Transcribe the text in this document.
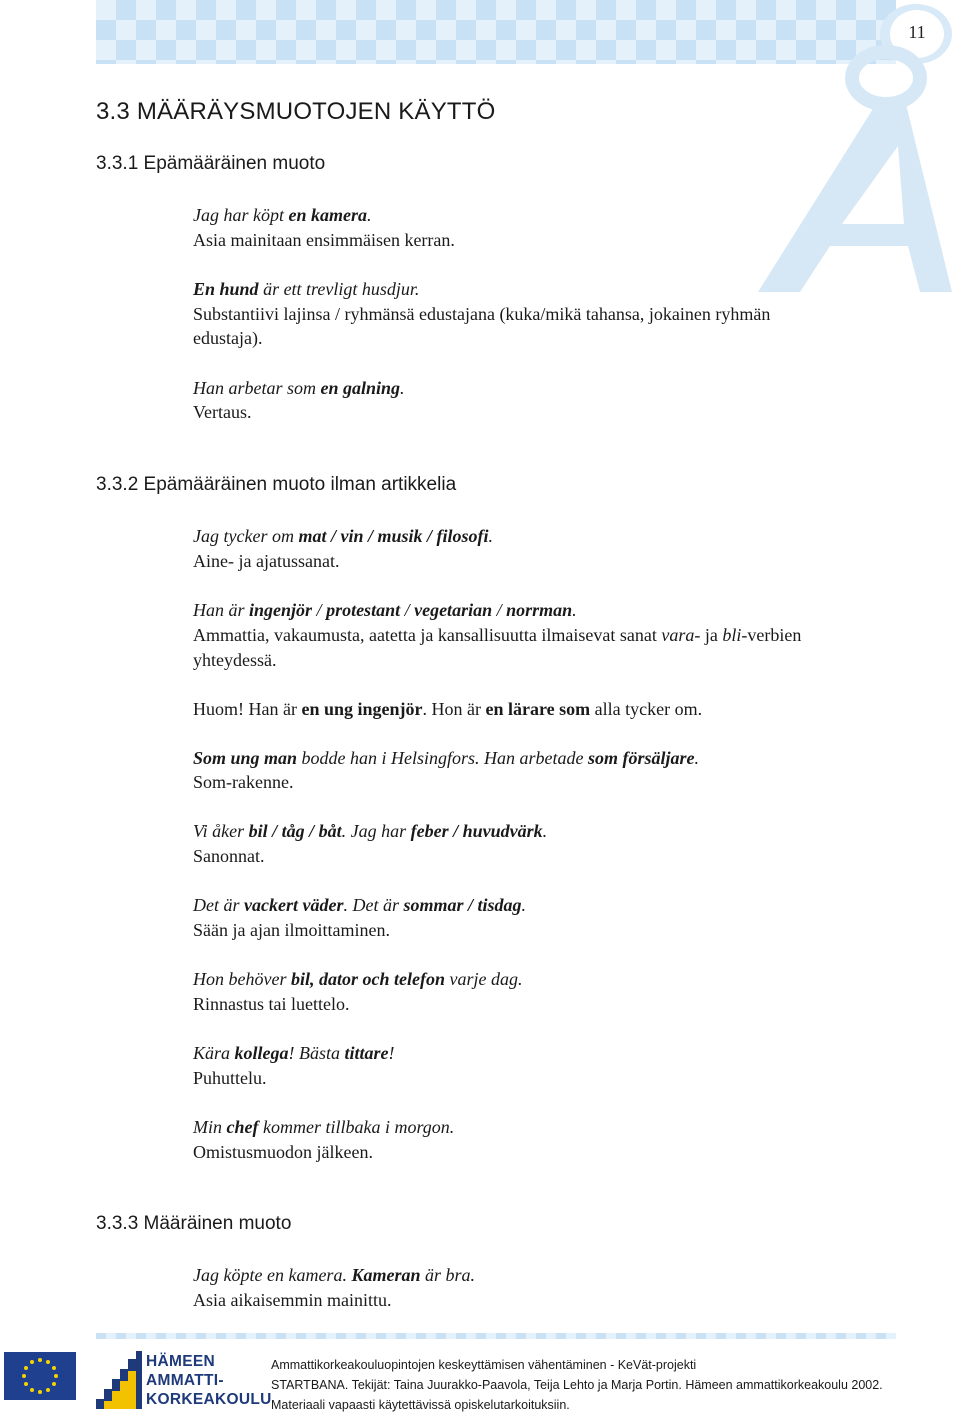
11
3.3 MÄÄRÄYSMUOTOJEN KÄYTTÖ
3.3.1 Epämääräinen muoto
Jag har köpt en kamera.
Asia mainitaan ensimmäisen kerran.
En hund är ett trevligt husdjur.
Substantiivi lajinsa / ryhmänsä edustajana (kuka/mikä tahansa, jokainen ryhmän
edustaja).
Han arbetar som en galning.
Vertaus.
3.3.2 Epämääräinen muoto ilman artikkelia
Jag tycker om mat / vin / musik / filosofi.
Aine- ja ajatussanat.
Han är ingenjör / protestant / vegetarian / norrman.
Ammattia, vakaumusta, aatetta ja kansallisuutta ilmaisevat sanat vara- ja bli-verbien
yhteydessä.
Huom! Han är en ung ingenjör. Hon är en lärare som alla tycker om.
Som ung man bodde han i Helsingfors. Han arbetade som försäljare.
Som-rakenne.
Vi åker bil / tåg / båt. Jag har feber / huvudvärk.
Sanonnat.
Det är vackert väder. Det är sommar / tisdag.
Sään ja ajan ilmoittaminen.
Hon behöver bil, dator och telefon varje dag.
Rinnastus tai luettelo.
Kära kollega! Bästa tittare!
Puhuttelu.
Min chef kommer tillbaka i morgon.
Omistusmuodon jälkeen.
3.3.3 Määräinen muoto
Jag köpte en kamera. Kameran är bra.
Asia aikaisemmin mainittu.
HÄMEEN
AMMATTI-
KORKEAKOULU
Ammattikorkeakouluopintojen keskeyttämisen vähentäminen - KeVät-projekti
STARTBANA. Tekijät: Taina Juurakko-Paavola, Teija Lehto ja Marja Portin. Hämeen ammattikorkeakoulu 2002.
Materiaali vapaasti käytettävissä opiskelutarkoituksiin.
